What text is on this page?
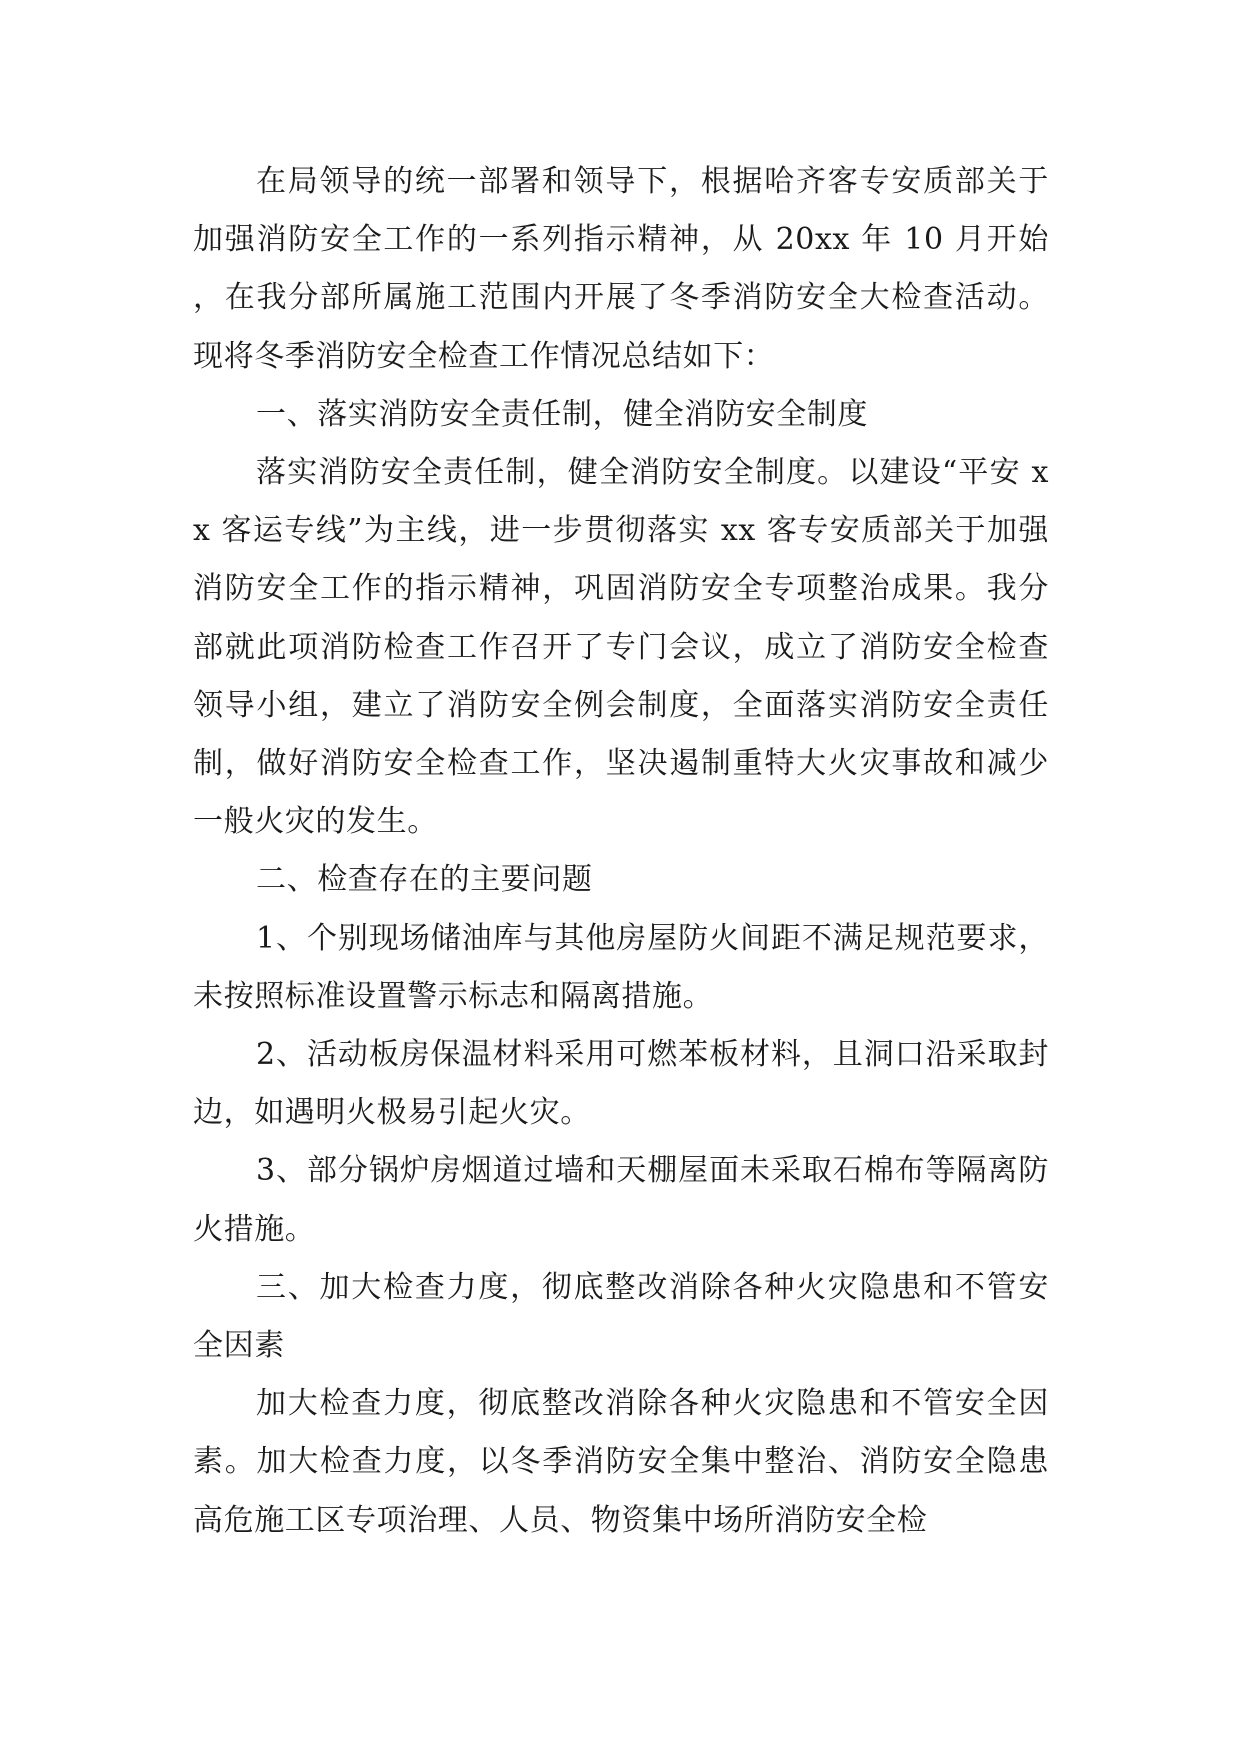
在局领导的统一部署和领导下，根据哈齐客专安质部关于加强消防安全工作的一系列指示精神，从 20xx 年 10 月开始，在我分部所属施工范围内开展了冬季消防安全大检查活动。现将冬季消防安全检查工作情况总结如下：

一、落实消防安全责任制，健全消防安全制度

落实消防安全责任制，健全消防安全制度。以建设“平安 xx 客运专线”为主线，进一步贯彻落实 xx 客专安质部关于加强消防安全工作的指示精神，巩固消防安全专项整治成果。我分部就此项消防检查工作召开了专门会议，成立了消防安全检查领导小组，建立了消防安全例会制度，全面落实消防安全责任制，做好消防安全检查工作，坚决遏制重特大火灾事故和减少一般火灾的发生。

二、检查存在的主要问题

1、个别现场储油库与其他房屋防火间距不满足规范要求，未按照标准设置警示标志和隔离措施。

2、活动板房保温材料采用可燃苯板材料，且洞口沿采取封边，如遇明火极易引起火灾。

3、部分锅炉房烟道过墙和天棚屋面未采取石棉布等隔离防火措施。

三、加大检查力度，彻底整改消除各种火灾隐患和不管安全因素

加大检查力度，彻底整改消除各种火灾隐患和不管安全因素。加大检查力度，以冬季消防安全集中整治、消防安全隐患高危施工区专项治理、人员、物资集中场所消防安全检
